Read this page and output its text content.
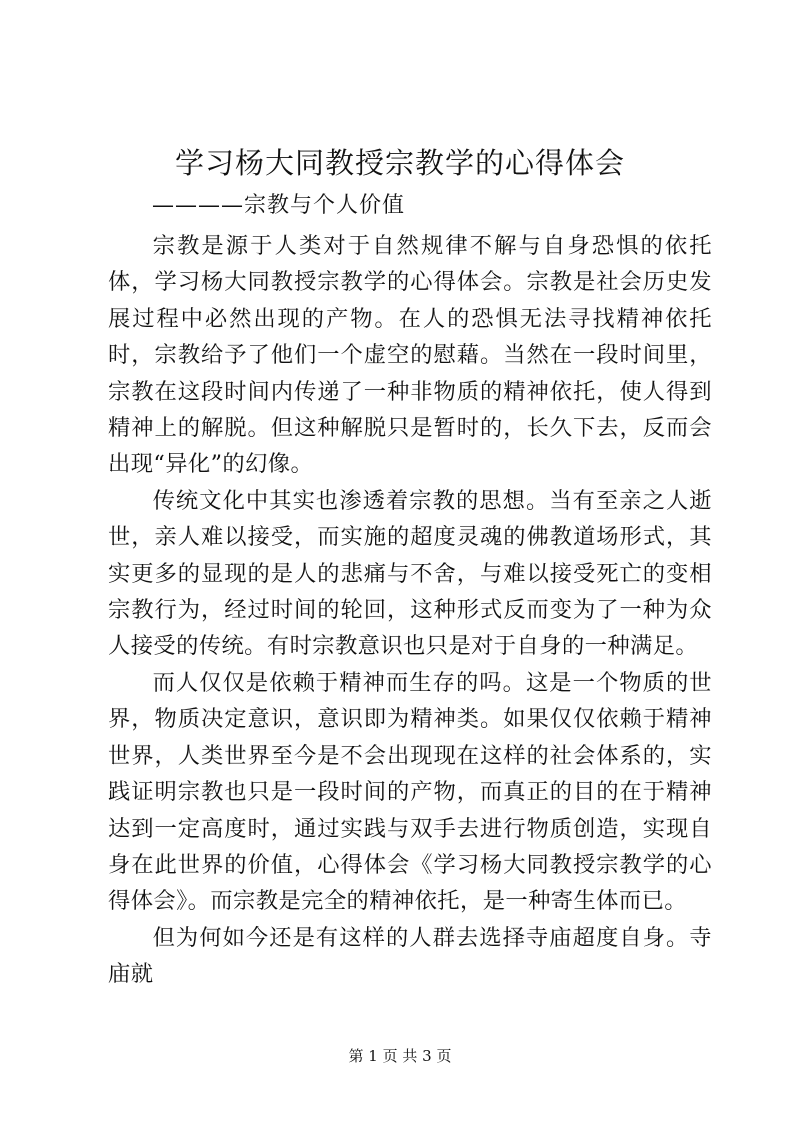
学习杨大同教授宗教学的心得体会
————宗教与个人价值

宗教是源于人类对于自然规律不解与自身恐惧的依托体，学习杨大同教授宗教学的心得体会。宗教是社会历史发展过程中必然出现的产物。在人的恐惧无法寻找精神依托时，宗教给予了他们一个虚空的慰藉。当然在一段时间里，宗教在这段时间内传递了一种非物质的精神依托，使人得到精神上的解脱。但这种解脱只是暂时的，长久下去，反而会出现“异化”的幻像。

传统文化中其实也渗透着宗教的思想。当有至亲之人逝世，亲人难以接受，而实施的超度灵魂的佛教道场形式，其实更多的显现的是人的悲痛与不舍，与难以接受死亡的变相宗教行为，经过时间的轮回，这种形式反而变为了一种为众人接受的传统。有时宗教意识也只是对于自身的一种满足。

而人仅仅是依赖于精神而生存的吗。这是一个物质的世界，物质决定意识，意识即为精神类。如果仅仅依赖于精神世界，人类世界至今是不会出现现在这样的社会体系的，实践证明宗教也只是一段时间的产物，而真正的目的在于精神达到一定高度时，通过实践与双手去进行物质创造，实现自身在此世界的价值，心得体会《学习杨大同教授宗教学的心得体会》。而宗教是完全的精神依托，是一种寄生体而已。

但为何如今还是有这样的人群去选择寺庙超度自身。寺庙就

第 1 页 共 3 页
